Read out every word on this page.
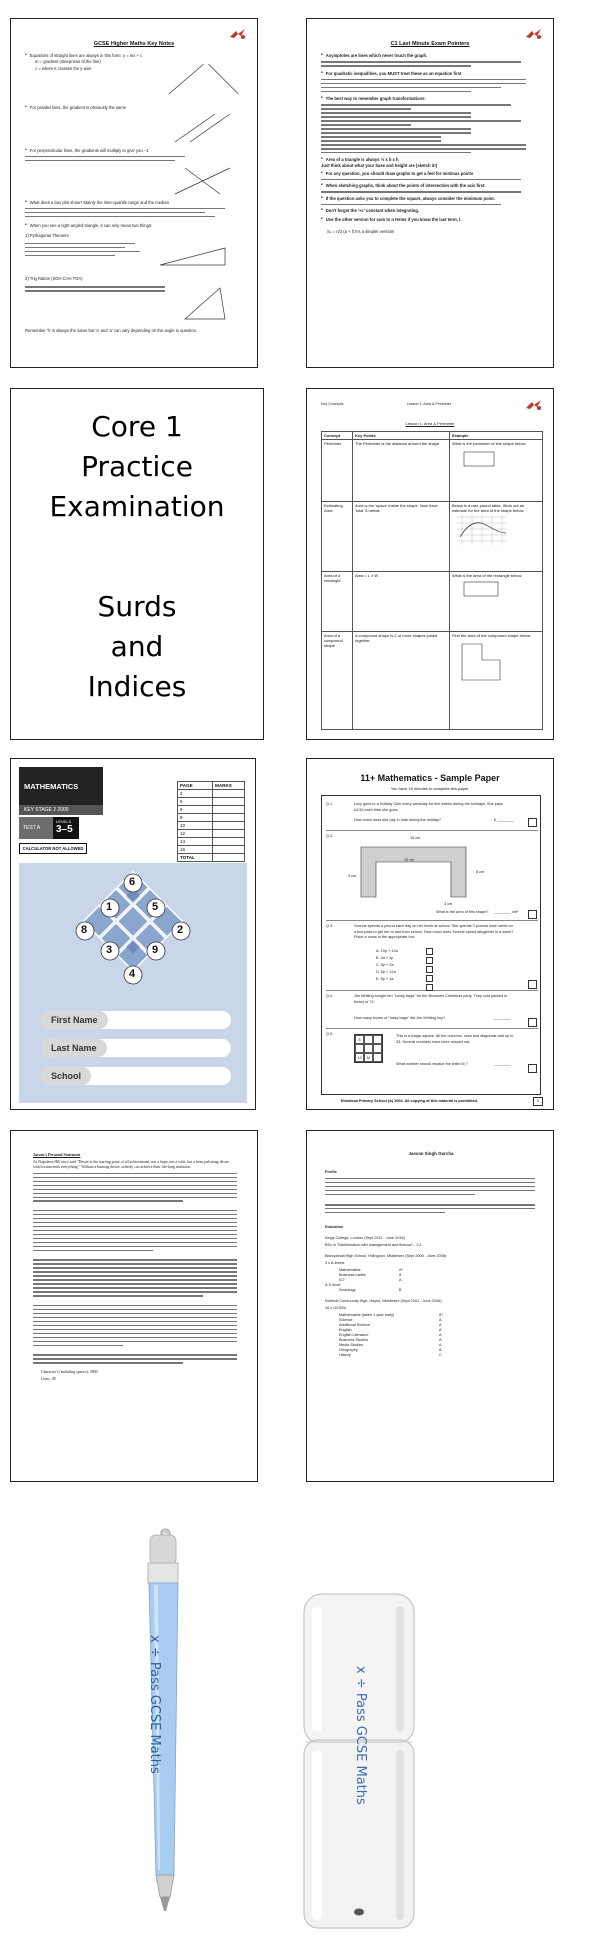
GCSE Higher Maths Key Notes
• Equations of straight lines are always in this form: y = mx + c

m = gradient (steepness of the line)

c = where it crosses the y-axis

• For parallel lines, the gradient is obviously the same
• For perpendicular lines, the gradients will multiply to give you −1
• What does a box plot show? Mainly the inter-quartile range and the median
• When you see a right-angled triangle, it can only mean two things:

1) Pythagoras Theorem

2) Trig Ratios (SOH CAH TOA)

Remember 'h' is always the same but 'o' and 'a' can vary depending on the angle in question.

C1 Last Minute Exam Pointers
• Asymptotes are lines which never touch the graph.
• For quadratic inequalities, you MUST treat these as an equation first
• The best way to remember graph transformations:
• Area of a triangle is always ½ x b x h

Just think about what your base and height are (sketch it!)

• For any question, you should draw graphs to get a feel for min/max points
• When sketching graphs, think about the points of intersection with the axis first.
• If the question asks you to complete the square, always consider the minimum point.
• Don't forget the '+c' constant when integrating.
• Use the other version for sum to n terms if you know the last term, l.

Sₙ = n/2 (a + l) It's a simpler version!

Core 1
Practice
Examination
Surds
and
Indices
Key Concepts	Lesson 1: Area & Perimeter
Lesson 1: Area & Perimeter
Concept	Key Points	Example
Perimeter	The Perimeter is the distance around the shape.	What is the perimeter of this shape below.
Estimating Area	Area is the 'space' inside the shape. Now have 'total' 8 needs.	Below is a rare pound table. Work out an estimate for the area of the shape below.
Area of a rectangle	Area = L x W	What is the area of the rectangle below.
Area of a compound shape	A compound shape is 2 or more shapes joined together.	Find the area of the compound shape below.
MATHEMATICS
KEY STAGE 2 2000
TEST A
LEVELS
3–5
CALCULATOR NOT ALLOWED
PAGE	MARKS
2	
5	
6	
8	
10	
12	
14	
16	
TOTAL	
6
1	5
8	2
3	9
4
First Name
Last Name
School
11+ Mathematics - Sample Paper
You have 15 minutes to complete this paper.
Q.1.	Lucy goes to a Holiday Club every weekday for five weeks during the holidays. She pays £4.50 each time she goes.
How much does she pay in total during the holiday?	£ ________
Q.2.	15 cm
3 cm
10 cm
8 cm
3 cm
What is the area of this shape? ________ cm²
Q.3.	Yvonne spends a pound each day on her lunch at school. She spends 2 pounds each week on a bus pass to get her to and from school. How much does Yvonne spend altogether in a week? Place a cross in the appropriate box.
A. 10p + 12a
B. 4d + 1p
C. 5p + 2a
D. 5p + 12a
E. 5p + 1a
Q.4.	Jim Whiting bought ten "Lucky bags" for the Brownies Christmas party. They cost packed in boxes of 74.
How many boxes of "lucky bags" did Jim Whiting buy?	________
Q.5.
8
13	M
This is a magic square. All the columns, rows and diagonals add up to 33. Several numbers have been missed out.
What number should replace the letter M ?	________
Elmstead Primary School (A) 2004. All copying of this material is prohibited.	1

Jasvan's Personal Statement

As Napoleon Hill once said "Desire is the starting point of all achievement, not a hope, not a wish, but a keen pulsating desire which transcends everything." Without a burning desire, nobody can achieve their life-long ambition.

Character's (including spaces): 3900

Lines: 48

Jasvan Singh Gurcha

Profile

Education

Kings College, London (Sept 2011 - June 2015)

BSc in "Mathematics with management and finance" - 2:1

Bishopshalt High School, Hillingdon, Middlesex (Sept 2006 - June 2008)

3 x A-levels

Mathematics	A*
Business maths	A
ICT	A
A.S level:
Sociology	B

Northolt Community High, Hayes, Middlesex (Sept 2001 - June 2006)

10 x GCSEs

Mathematics (taken 1 year early)	A*
Science	A
Additional Science	A
English	A
English Literature	A
Business Studies	A
Media Studies	A
Geography	A
History	C
x ÷ Pass GCSE Maths	x ÷ Pass GCSE Maths
